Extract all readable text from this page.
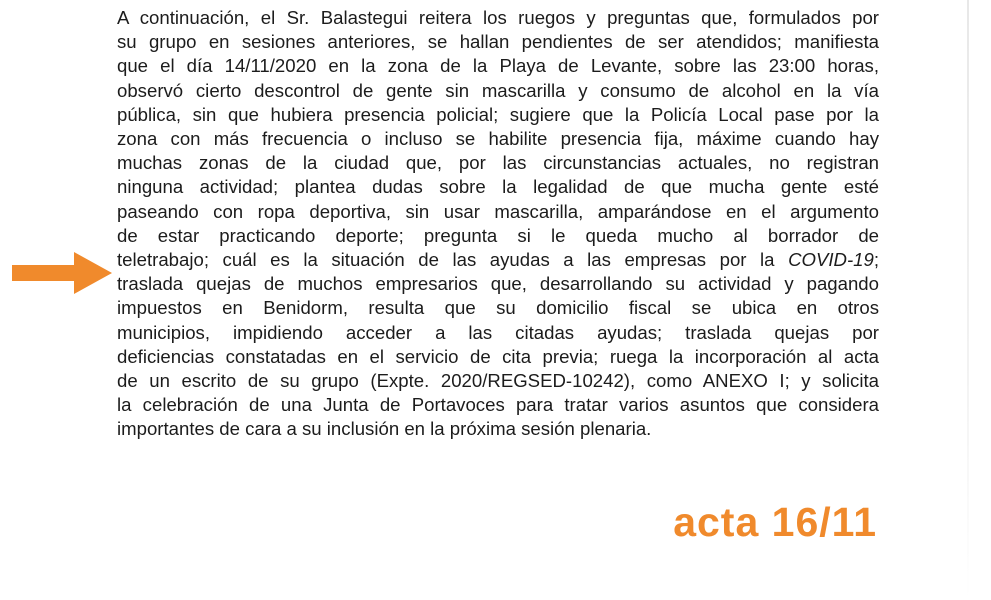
A continuación, el Sr. Balastegui reitera los ruegos y preguntas que, formulados por
su grupo en sesiones anteriores, se hallan pendientes de ser atendidos; manifiesta
que el día 14/11/2020 en la zona de la Playa de Levante, sobre las 23:00 horas,
observó cierto descontrol de gente sin mascarilla y consumo de alcohol en la vía
pública, sin que hubiera presencia policial; sugiere que la Policía Local pase por la
zona con más frecuencia o incluso se habilite presencia fija, máxime cuando hay
muchas zonas de la ciudad que, por las circunstancias actuales, no registran
ninguna actividad; plantea dudas sobre la legalidad de que mucha gente esté
paseando con ropa deportiva, sin usar mascarilla, amparándose en el argumento
de estar practicando deporte; pregunta si le queda mucho al borrador de
teletrabajo; cuál es la situación de las ayudas a las empresas por la COVID-19;
traslada quejas de muchos empresarios que, desarrollando su actividad y pagando
impuestos en Benidorm, resulta que su domicilio fiscal se ubica en otros
municipios, impidiendo acceder a las citadas ayudas; traslada quejas por
deficiencias constatadas en el servicio de cita previa; ruega la incorporación al acta
de un escrito de su grupo (Expte. 2020/REGSED-10242), como ANEXO I; y solicita
la celebración de una Junta de Portavoces para tratar varios asuntos que considera
importantes de cara a su inclusión en la próxima sesión plenaria.
acta 16/11
